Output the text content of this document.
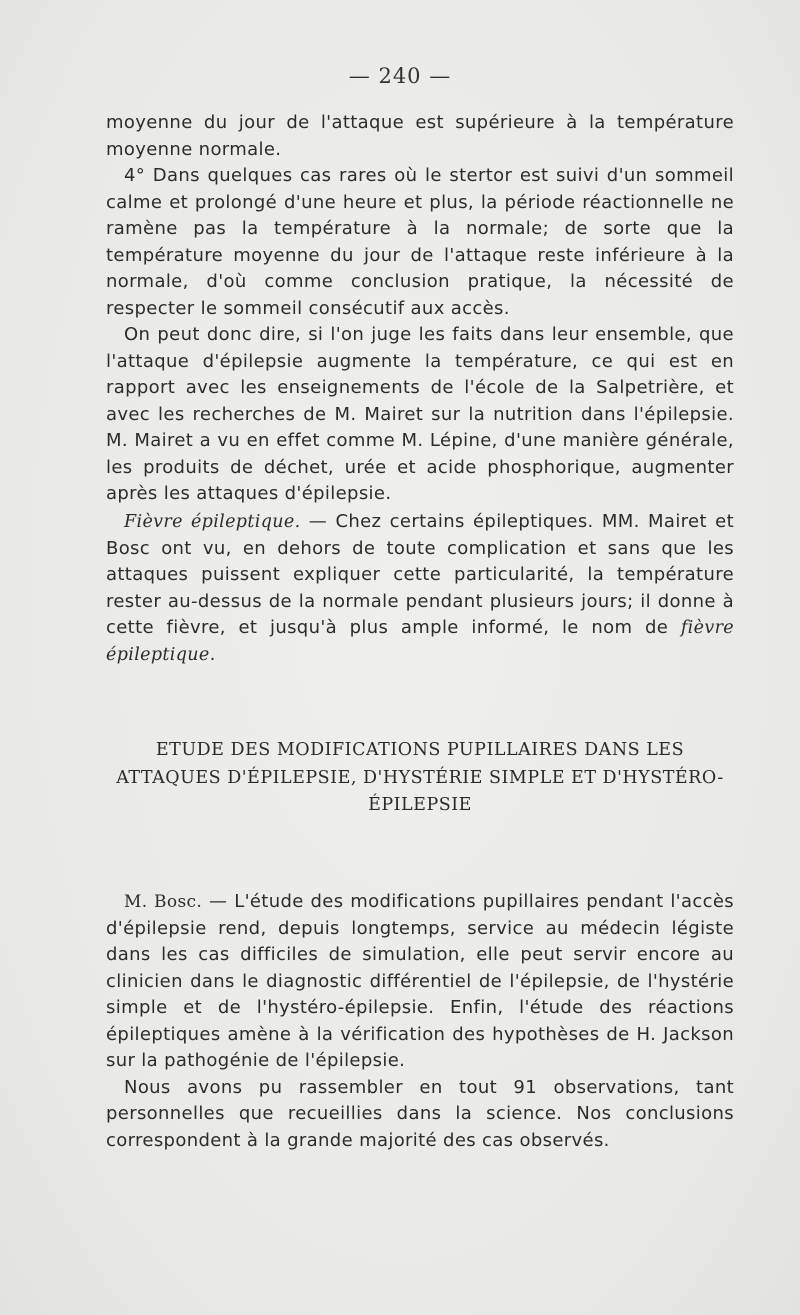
— 240 —

moyenne du jour de l'attaque est supérieure à la température moyenne normale.

4° Dans quelques cas rares où le stertor est suivi d'un sommeil calme et prolongé d'une heure et plus, la période réactionnelle ne ramène pas la température à la normale; de sorte que la température moyenne du jour de l'attaque reste inférieure à la normale, d'où comme conclusion pratique, la nécessité de respecter le sommeil consécutif aux accès.

On peut donc dire, si l'on juge les faits dans leur ensemble, que l'attaque d'épilepsie augmente la température, ce qui est en rapport avec les enseignements de l'école de la Salpetrière, et avec les recherches de M. Mairet sur la nutrition dans l'épilepsie. M. Mairet a vu en effet comme M. Lépine, d'une manière générale, les produits de déchet, urée et acide phosphorique, augmenter après les attaques d'épilepsie.

Fièvre épileptique. — Chez certains épileptiques. MM. Mairet et Bosc ont vu, en dehors de toute complication et sans que les attaques puissent expliquer cette particularité, la température rester au-dessus de la normale pendant plusieurs jours; il donne à cette fièvre, et jusqu'à plus ample informé, le nom de fièvre épileptique.

ETUDE DES MODIFICATIONS PUPILLAIRES DANS LES
ATTAQUES D'ÉPILEPSIE, D'HYSTÉRIE SIMPLE ET D'HYSTÉRO-
ÉPILEPSIE

M. Bosc. — L'étude des modifications pupillaires pendant l'accès d'épilepsie rend, depuis longtemps, service au médecin légiste dans les cas difficiles de simulation, elle peut servir encore au clinicien dans le diagnostic différentiel de l'épilepsie, de l'hystérie simple et de l'hystéro-épilepsie. Enfin, l'étude des réactions épileptiques amène à la vérification des hypothèses de H. Jackson sur la pathogénie de l'épilepsie.

Nous avons pu rassembler en tout 91 observations, tant personnelles que recueillies dans la science. Nos conclusions correspondent à la grande majorité des cas observés.
